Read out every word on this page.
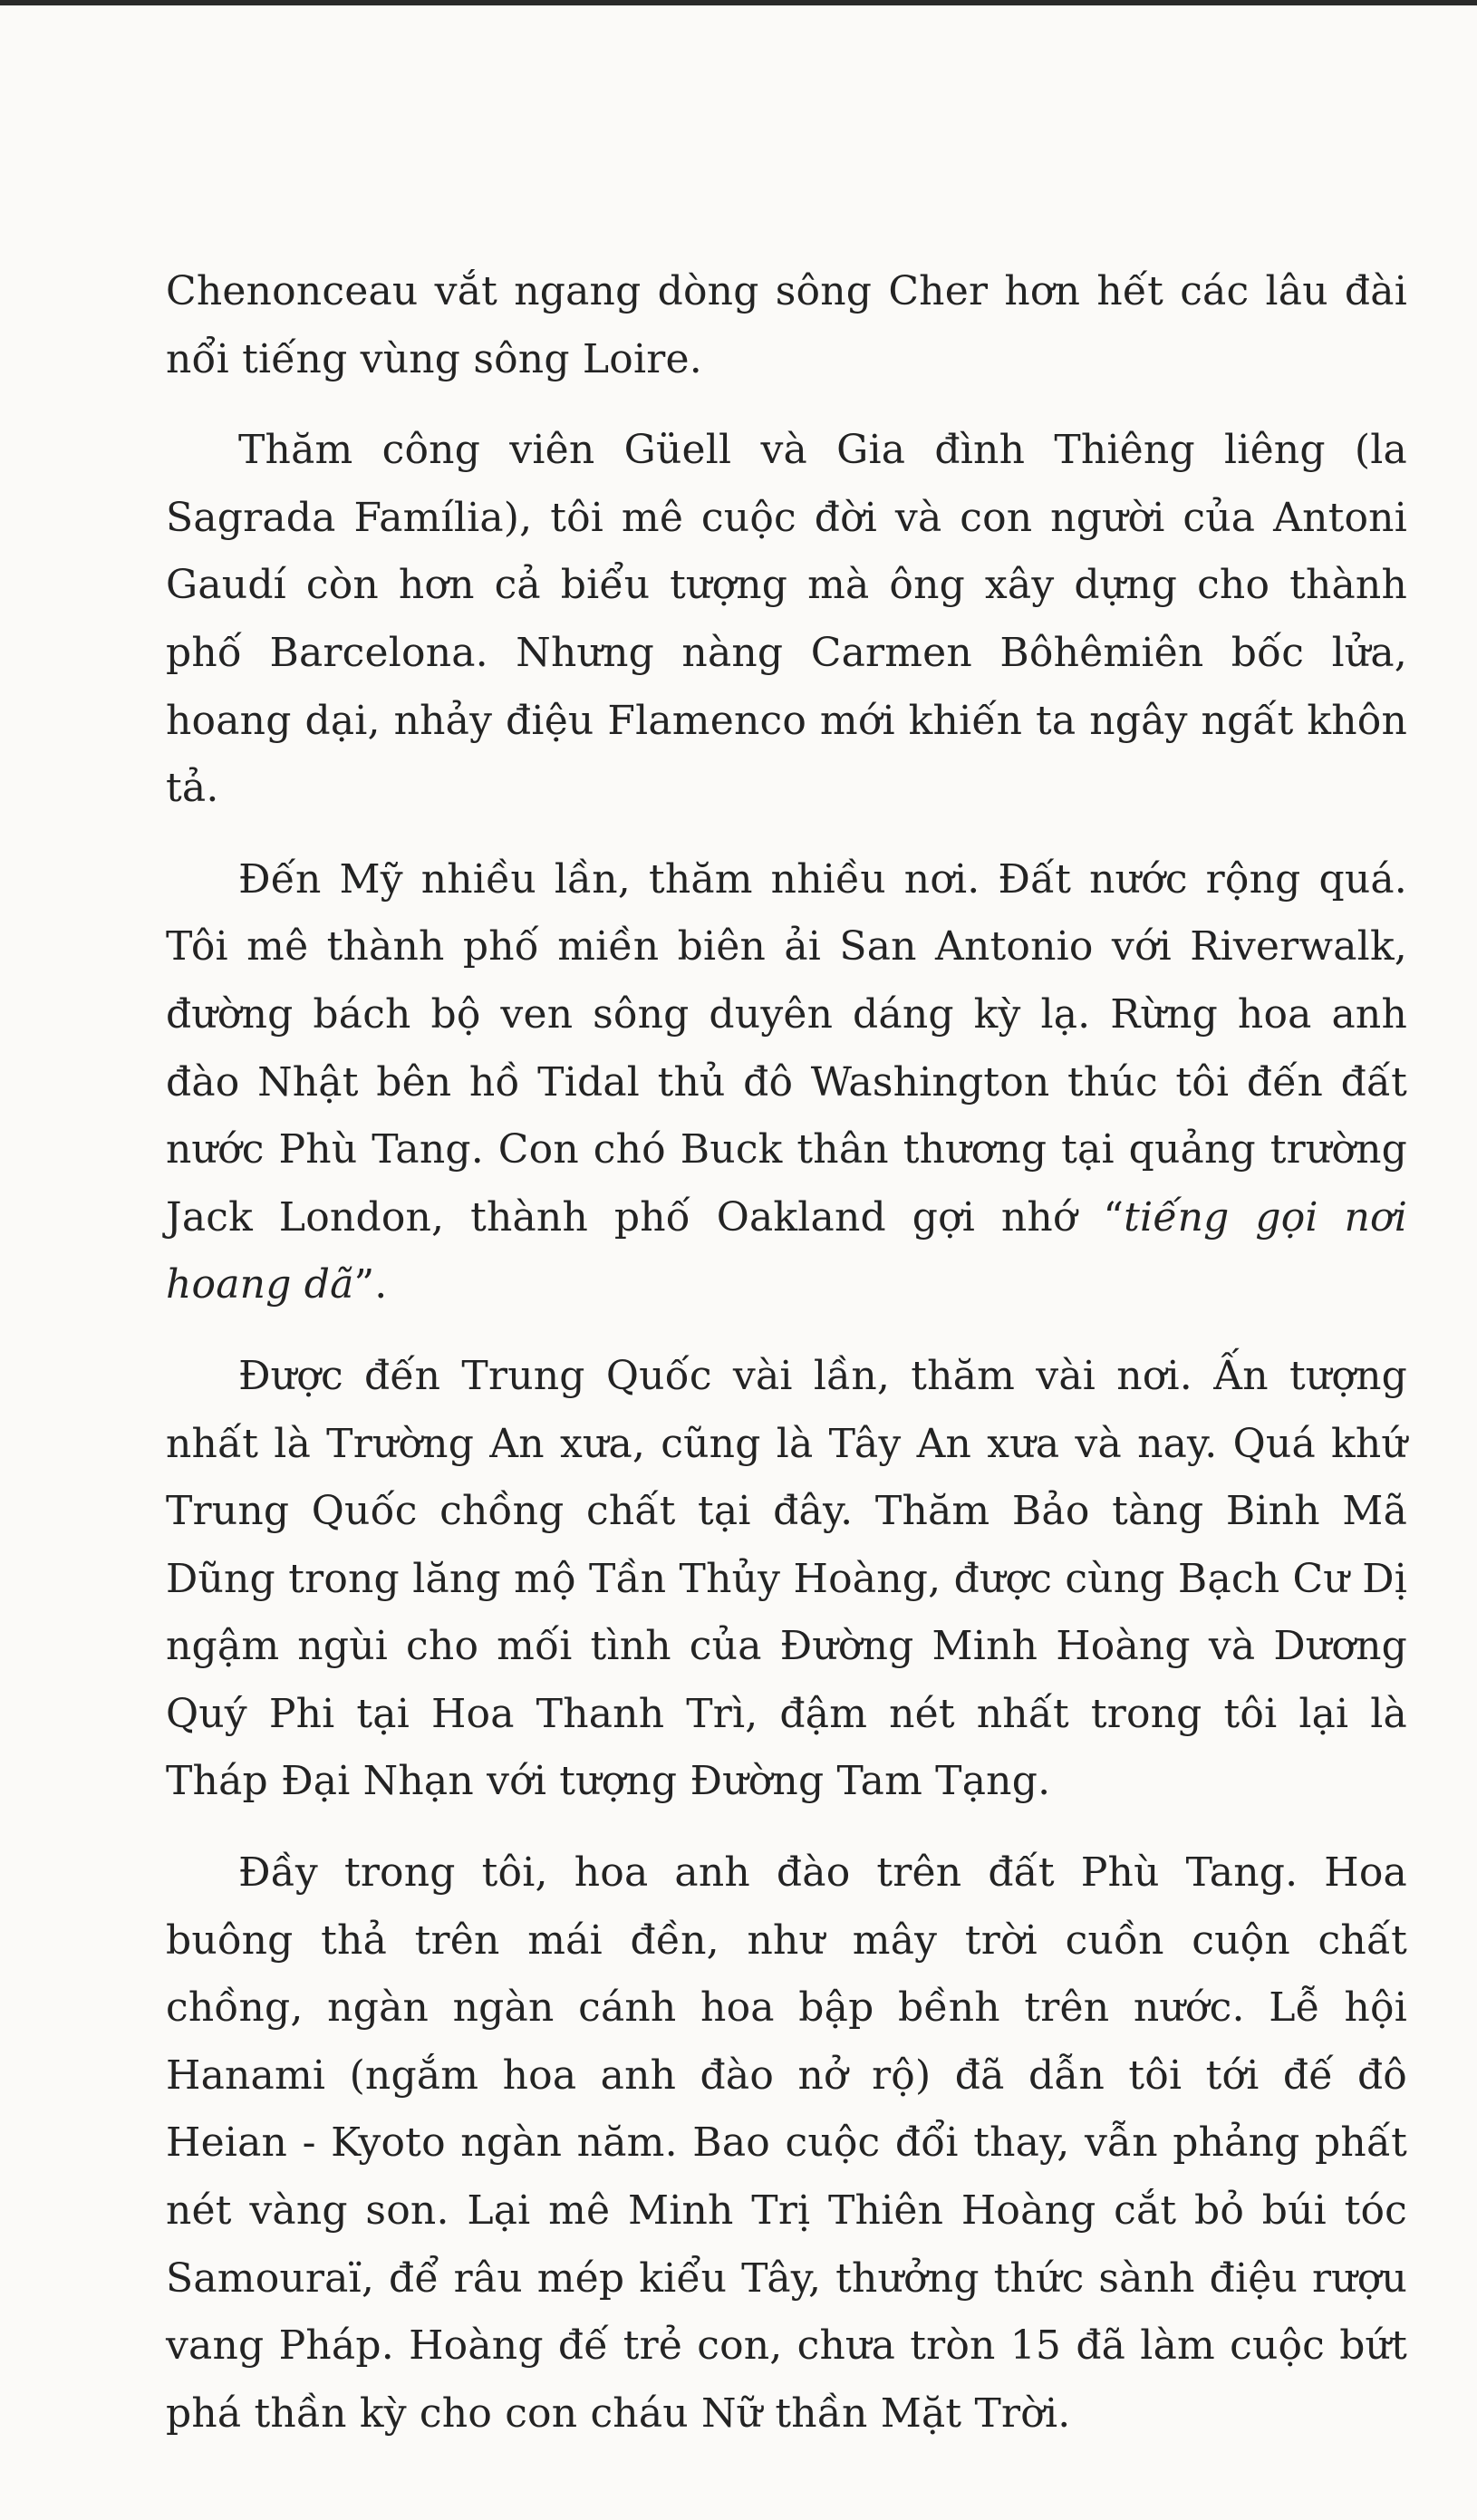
Chenonceau vắt ngang dòng sông Cher hơn hết các lâu đài nổi tiếng vùng sông Loire.

Thăm công viên Güell và Gia đình Thiêng liêng (la Sagrada Família), tôi mê cuộc đời và con người của Antoni Gaudí còn hơn cả biểu tượng mà ông xây dựng cho thành phố Barcelona. Nhưng nàng Carmen Bôhêmiên bốc lửa, hoang dại, nhảy điệu Flamenco mới khiến ta ngây ngất khôn tả.

Đến Mỹ nhiều lần, thăm nhiều nơi. Đất nước rộng quá. Tôi mê thành phố miền biên ải San Antonio với Riverwalk, đường bách bộ ven sông duyên dáng kỳ lạ. Rừng hoa anh đào Nhật bên hồ Tidal thủ đô Washington thúc tôi đến đất nước Phù Tang. Con chó Buck thân thương tại quảng trường Jack London, thành phố Oakland gợi nhớ “tiếng gọi nơi hoang dã”.

Được đến Trung Quốc vài lần, thăm vài nơi. Ấn tượng nhất là Trường An xưa, cũng là Tây An xưa và nay. Quá khứ Trung Quốc chồng chất tại đây. Thăm Bảo tàng Binh Mã Dũng trong lăng mộ Tần Thủy Hoàng, được cùng Bạch Cư Dị ngậm ngùi cho mối tình của Đường Minh Hoàng và Dương Quý Phi tại Hoa Thanh Trì, đậm nét nhất trong tôi lại là Tháp Đại Nhạn với tượng Đường Tam Tạng.

Đầy trong tôi, hoa anh đào trên đất Phù Tang. Hoa buông thả trên mái đền, như mây trời cuồn cuộn chất chồng, ngàn ngàn cánh hoa bập bềnh trên nước. Lễ hội Hanami (ngắm hoa anh đào nở rộ) đã dẫn tôi tới đế đô Heian - Kyoto ngàn năm. Bao cuộc đổi thay, vẫn phảng phất nét vàng son. Lại mê Minh Trị Thiên Hoàng cắt bỏ búi tóc Samouraï, để râu mép kiểu Tây, thưởng thức sành điệu rượu vang Pháp. Hoàng đế trẻ con, chưa tròn 15 đã làm cuộc bứt phá thần kỳ cho con cháu Nữ thần Mặt Trời.
